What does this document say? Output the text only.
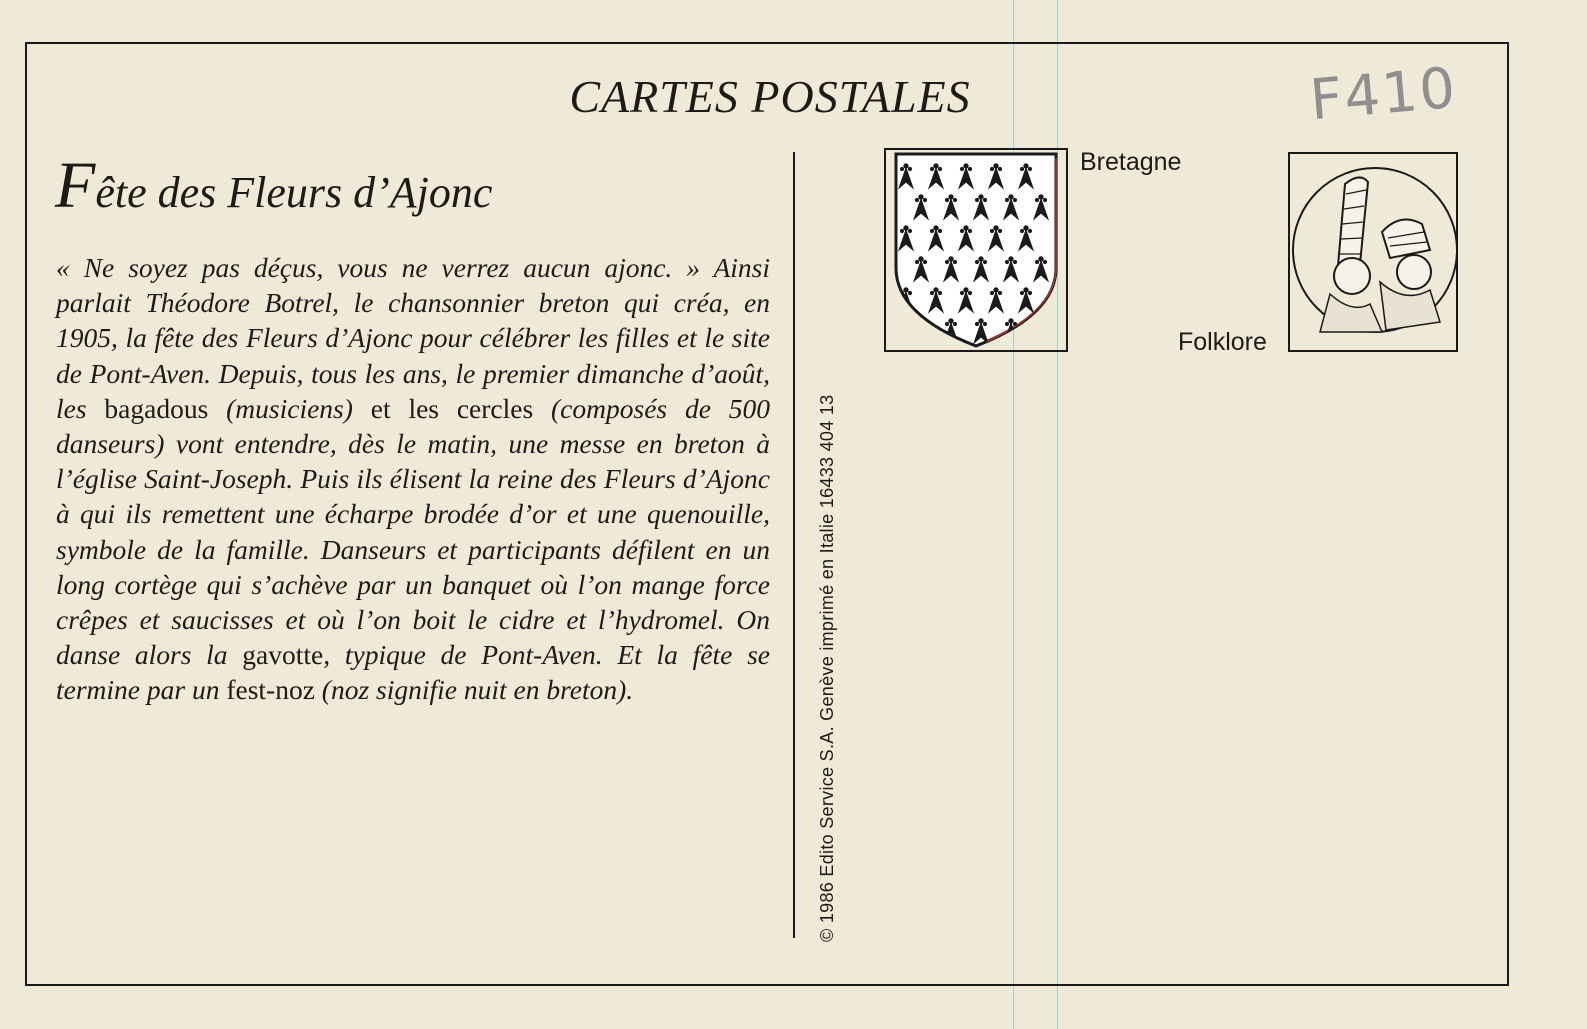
CARTES POSTALES	F410
Fête des Fleurs d’Ajonc
« Ne soyez pas déçus, vous ne verrez aucun ajonc. » Ainsi parlait Théodore Botrel, le chansonnier breton qui créa, en 1905, la fête des Fleurs d’Ajonc pour célébrer les filles et le site de Pont-Aven. Depuis, tous les ans, le premier dimanche d’août, les bagadous (musiciens) et les cercles (composés de 500 danseurs) vont entendre, dès le matin, une messe en breton à l’église Saint-Joseph. Puis ils élisent la reine des Fleurs d’Ajonc à qui ils remettent une écharpe brodée d’or et une quenouille, symbole de la famille. Danseurs et participants défilent en un long cortège qui s’achève par un banquet où l’on mange force crêpes et saucisses et où l’on boit le cidre et l’hydromel. On danse alors la gavotte, typique de Pont-Aven. Et la fête se termine par un fest-noz (noz signifie nuit en breton).	© 1986 Edito Service S.A. Genève imprimé en Italie 16433 404 13
Bretagne
Folklore
